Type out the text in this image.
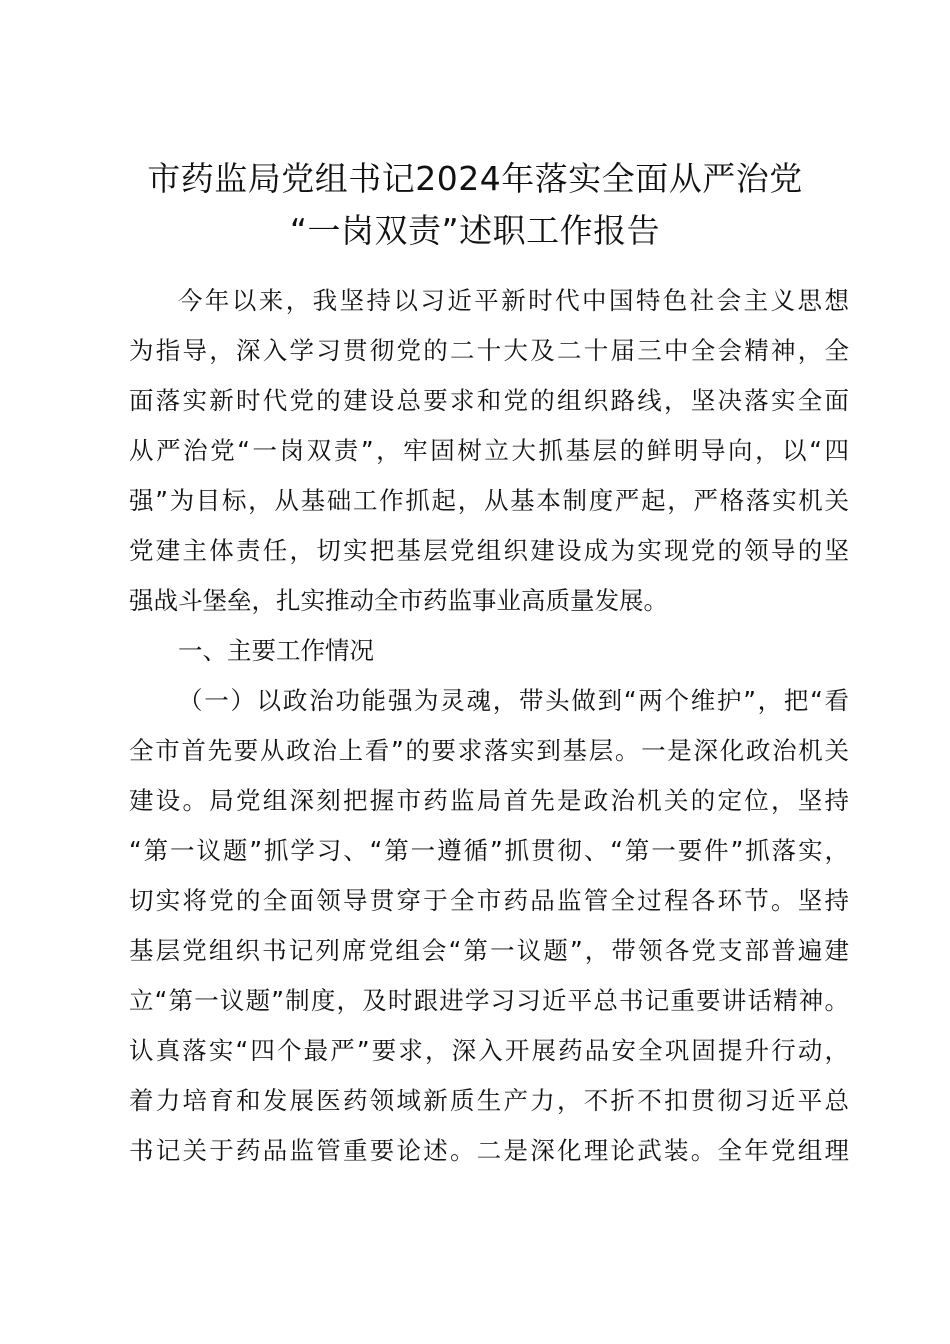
市药监局党组书记2024年落实全面从严治党
“一岗双责”述职工作报告
今年以来，我坚持以习近平新时代中国特色社会主义思想
为指导，深入学习贯彻党的二十大及二十届三中全会精神，全
面落实新时代党的建设总要求和党的组织路线，坚决落实全面
从严治党“一岗双责”，牢固树立大抓基层的鲜明导向，以“四
强”为目标，从基础工作抓起，从基本制度严起，严格落实机关
党建主体责任，切实把基层党组织建设成为实现党的领导的坚
强战斗堡垒，扎实推动全市药监事业高质量发展。
一、主要工作情况
（一）以政治功能强为灵魂，带头做到“两个维护”，把“看
全市首先要从政治上看”的要求落实到基层。一是深化政治机关
建设。局党组深刻把握市药监局首先是政治机关的定位，坚持
“第一议题”抓学习、“第一遵循”抓贯彻、“第一要件”抓落实，
切实将党的全面领导贯穿于全市药品监管全过程各环节。坚持
基层党组织书记列席党组会“第一议题”，带领各党支部普遍建
立“第一议题”制度，及时跟进学习习近平总书记重要讲话精神。
认真落实“四个最严”要求，深入开展药品安全巩固提升行动，
着力培育和发展医药领域新质生产力，不折不扣贯彻习近平总
书记关于药品监管重要论述。二是深化理论武装。全年党组理
